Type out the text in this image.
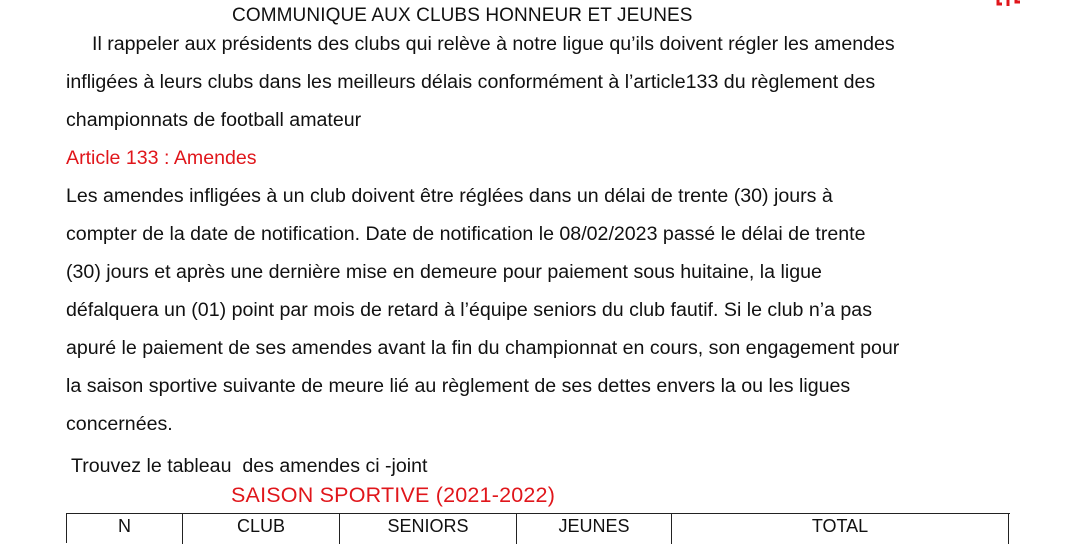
COMMUNIQUE AUX CLUBS HONNEUR ET JEUNES
Il rappeler aux présidents des clubs qui relève à notre ligue qu’ils doivent régler les amendes
infligées à leurs clubs dans les meilleurs délais conformément à l’article133 du règlement des
championnats de football amateur
Article 133 : Amendes
Les amendes infligées à un club doivent être réglées dans un délai de trente (30) jours à
compter de la date de notification. Date de notification le 08/02/2023 passé le délai de trente
(30) jours et après une dernière mise en demeure pour paiement sous huitaine, la ligue
défalquera un (01) point par mois de retard à l’équipe seniors du club fautif. Si le club n’a pas
apuré le paiement de ses amendes avant la fin du championnat en cours, son engagement pour
la saison sportive suivante de meure lié au règlement de ses dettes envers la ou les ligues
concernées.
Trouvez le tableau  des amendes ci -joint
SAISON SPORTIVE (2021-2022)
N	CLUB	SENIORS	JEUNES	TOTAL
